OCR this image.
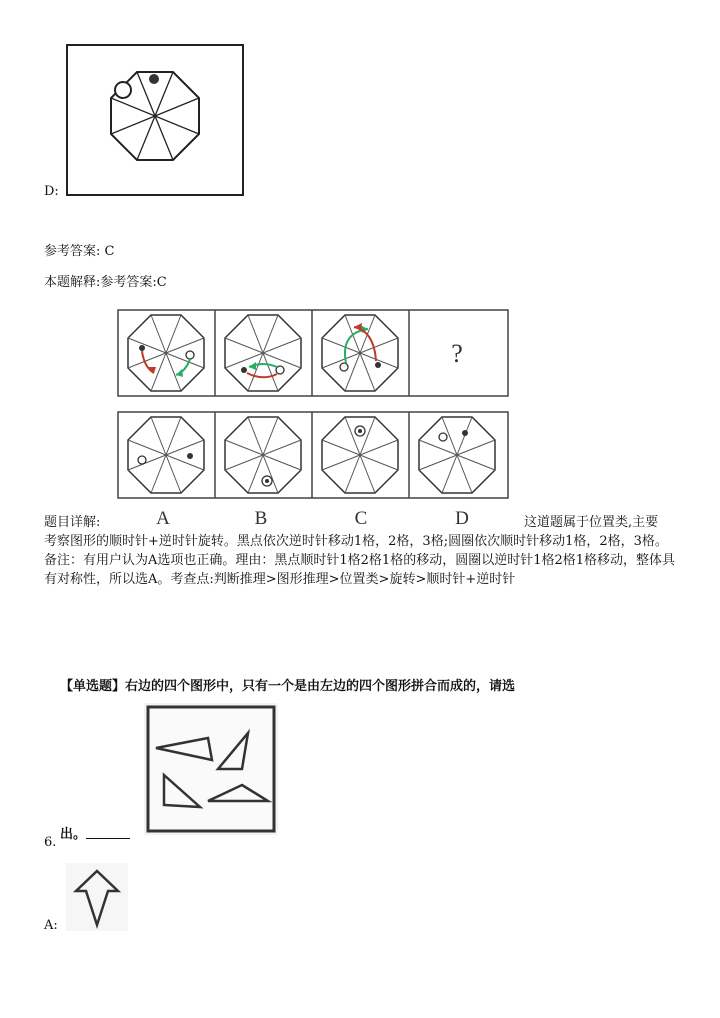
D:
参考答案: C
本题解释:参考答案:C
?
A	B	C	D
题目详解:	这道题属于位置类,主要
考察图形的顺时针+逆时针旋转。黑点依次逆时针移动1格，2格，3格;圆圈依次顺时针移动1格，2格，3格。备注：有用户认为A选项也正确。理由：黑点顺时针1格2格1格的移动，圆圈以逆时针1格2格1格移动，整体具有对称性，所以选A。考查点:判断推理>图形推理>位置类>旋转>顺时针+逆时针
【单选题】右边的四个图形中，只有一个是由左边的四个图形拼合而成的，请选
出。
6.
A:
